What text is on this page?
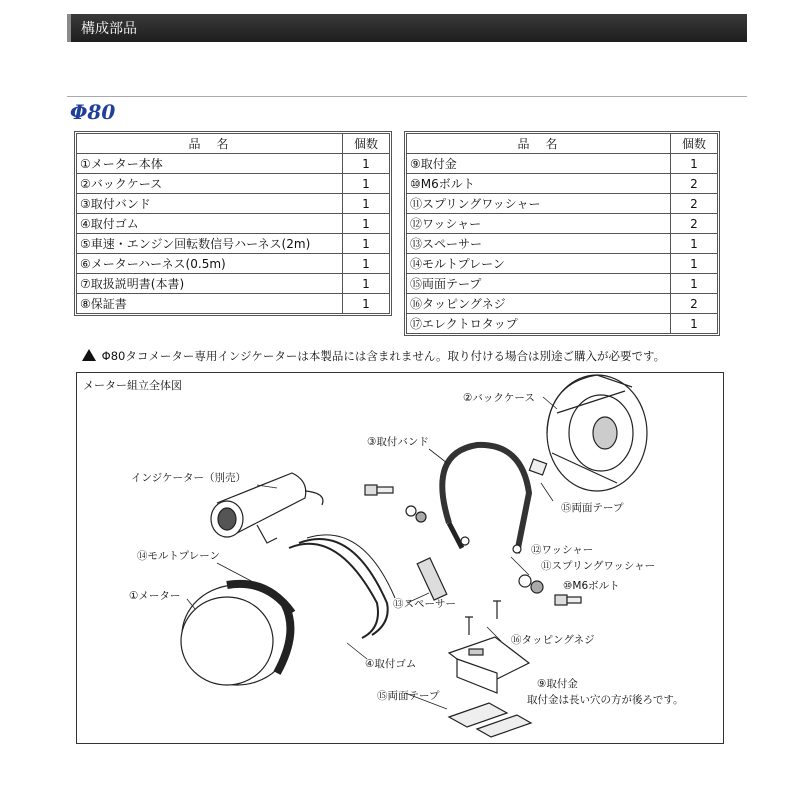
構成部品
Φ80
品　名	個数
①メーター本体	1
②バックケース	1
③取付バンド	1
④取付ゴム	1
⑤車速・エンジン回転数信号ハーネス(2m)	1
⑥メーターハーネス(0.5m)	1
⑦取扱説明書(本書)	1
⑧保証書	1
品　名	個数
⑨取付金	1
⑩M6ボルト	2
⑪スプリングワッシャー	2
⑫ワッシャー	2
⑬スペーサー	1
⑭モルトプレーン	1
⑮両面テープ	1
⑯タッピングネジ	2
⑰エレクトロタップ	1
Φ80タコメーター専用インジケーターは本製品には含まれません。取り付ける場合は別途ご購入が必要です。
メーター組立全体図
②バックケース
③取付バンド
インジケーター（別売）
⑮両面テープ
⑭モルトプレーン	⑫ワッシャー
⑪スプリングワッシャー
①メーター
⑩M6ボルト
⑬スペーサー
⑯タッピングネジ
④取付ゴム
⑨取付金
取付金は長い穴の方が後ろです。
⑮両面テープ
